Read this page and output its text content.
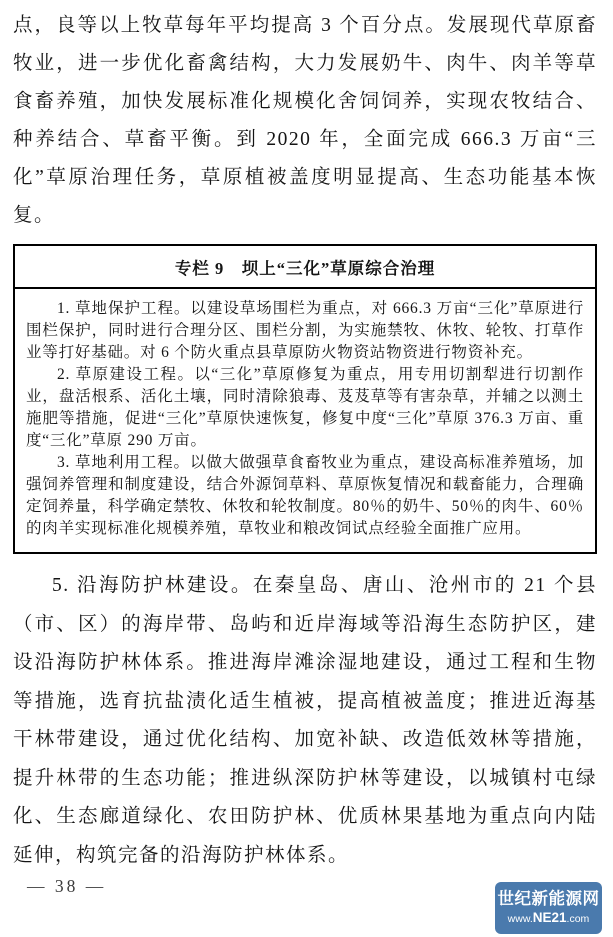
点，良等以上牧草每年平均提高 3 个百分点。发展现代草原畜牧业，进一步优化畜禽结构，大力发展奶牛、肉牛、肉羊等草食畜养殖，加快发展标准化规模化舍饲饲养，实现农牧结合、种养结合、草畜平衡。到 2020 年，全面完成 666.3 万亩“三化”草原治理任务，草原植被盖度明显提高、生态功能基本恢复。

专栏 9　坝上“三化”草原综合治理

1. 草地保护工程。以建设草场围栏为重点，对 666.3 万亩“三化”草原进行围栏保护，同时进行合理分区、围栏分割，为实施禁牧、休牧、轮牧、打草作业等打好基础。对 6 个防火重点县草原防火物资站物资进行物资补充。

2. 草原建设工程。以“三化”草原修复为重点，用专用切割犁进行切割作业，盘活根系、活化土壤，同时清除狼毒、芨芨草等有害杂草，并辅之以测土施肥等措施，促进“三化”草原快速恢复，修复中度“三化”草原 376.3 万亩、重度“三化”草原 290 万亩。

3. 草地利用工程。以做大做强草食畜牧业为重点，建设高标准养殖场，加强饲养管理和制度建设，结合外源饲草料、草原恢复情况和载畜能力，合理确定饲养量，科学确定禁牧、休牧和轮牧制度。80％的奶牛、50％的肉牛、60％的肉羊实现标准化规模养殖，草牧业和粮改饲试点经验全面推广应用。

5. 沿海防护林建设。在秦皇岛、唐山、沧州市的 21 个县（市、区）的海岸带、岛屿和近岸海域等沿海生态防护区，建设沿海防护林体系。推进海岸滩涂湿地建设，通过工程和生物等措施，选育抗盐渍化适生植被，提高植被盖度；推进近海基干林带建设，通过优化结构、加宽补缺、改造低效林等措施，提升林带的生态功能；推进纵深防护林等建设，以城镇村屯绿化、生态廊道绿化、农田防护林、优质林果基地为重点向内陆延伸，构筑完备的沿海防护林体系。

— 38 —
世纪新能源网
www.NE21.com
